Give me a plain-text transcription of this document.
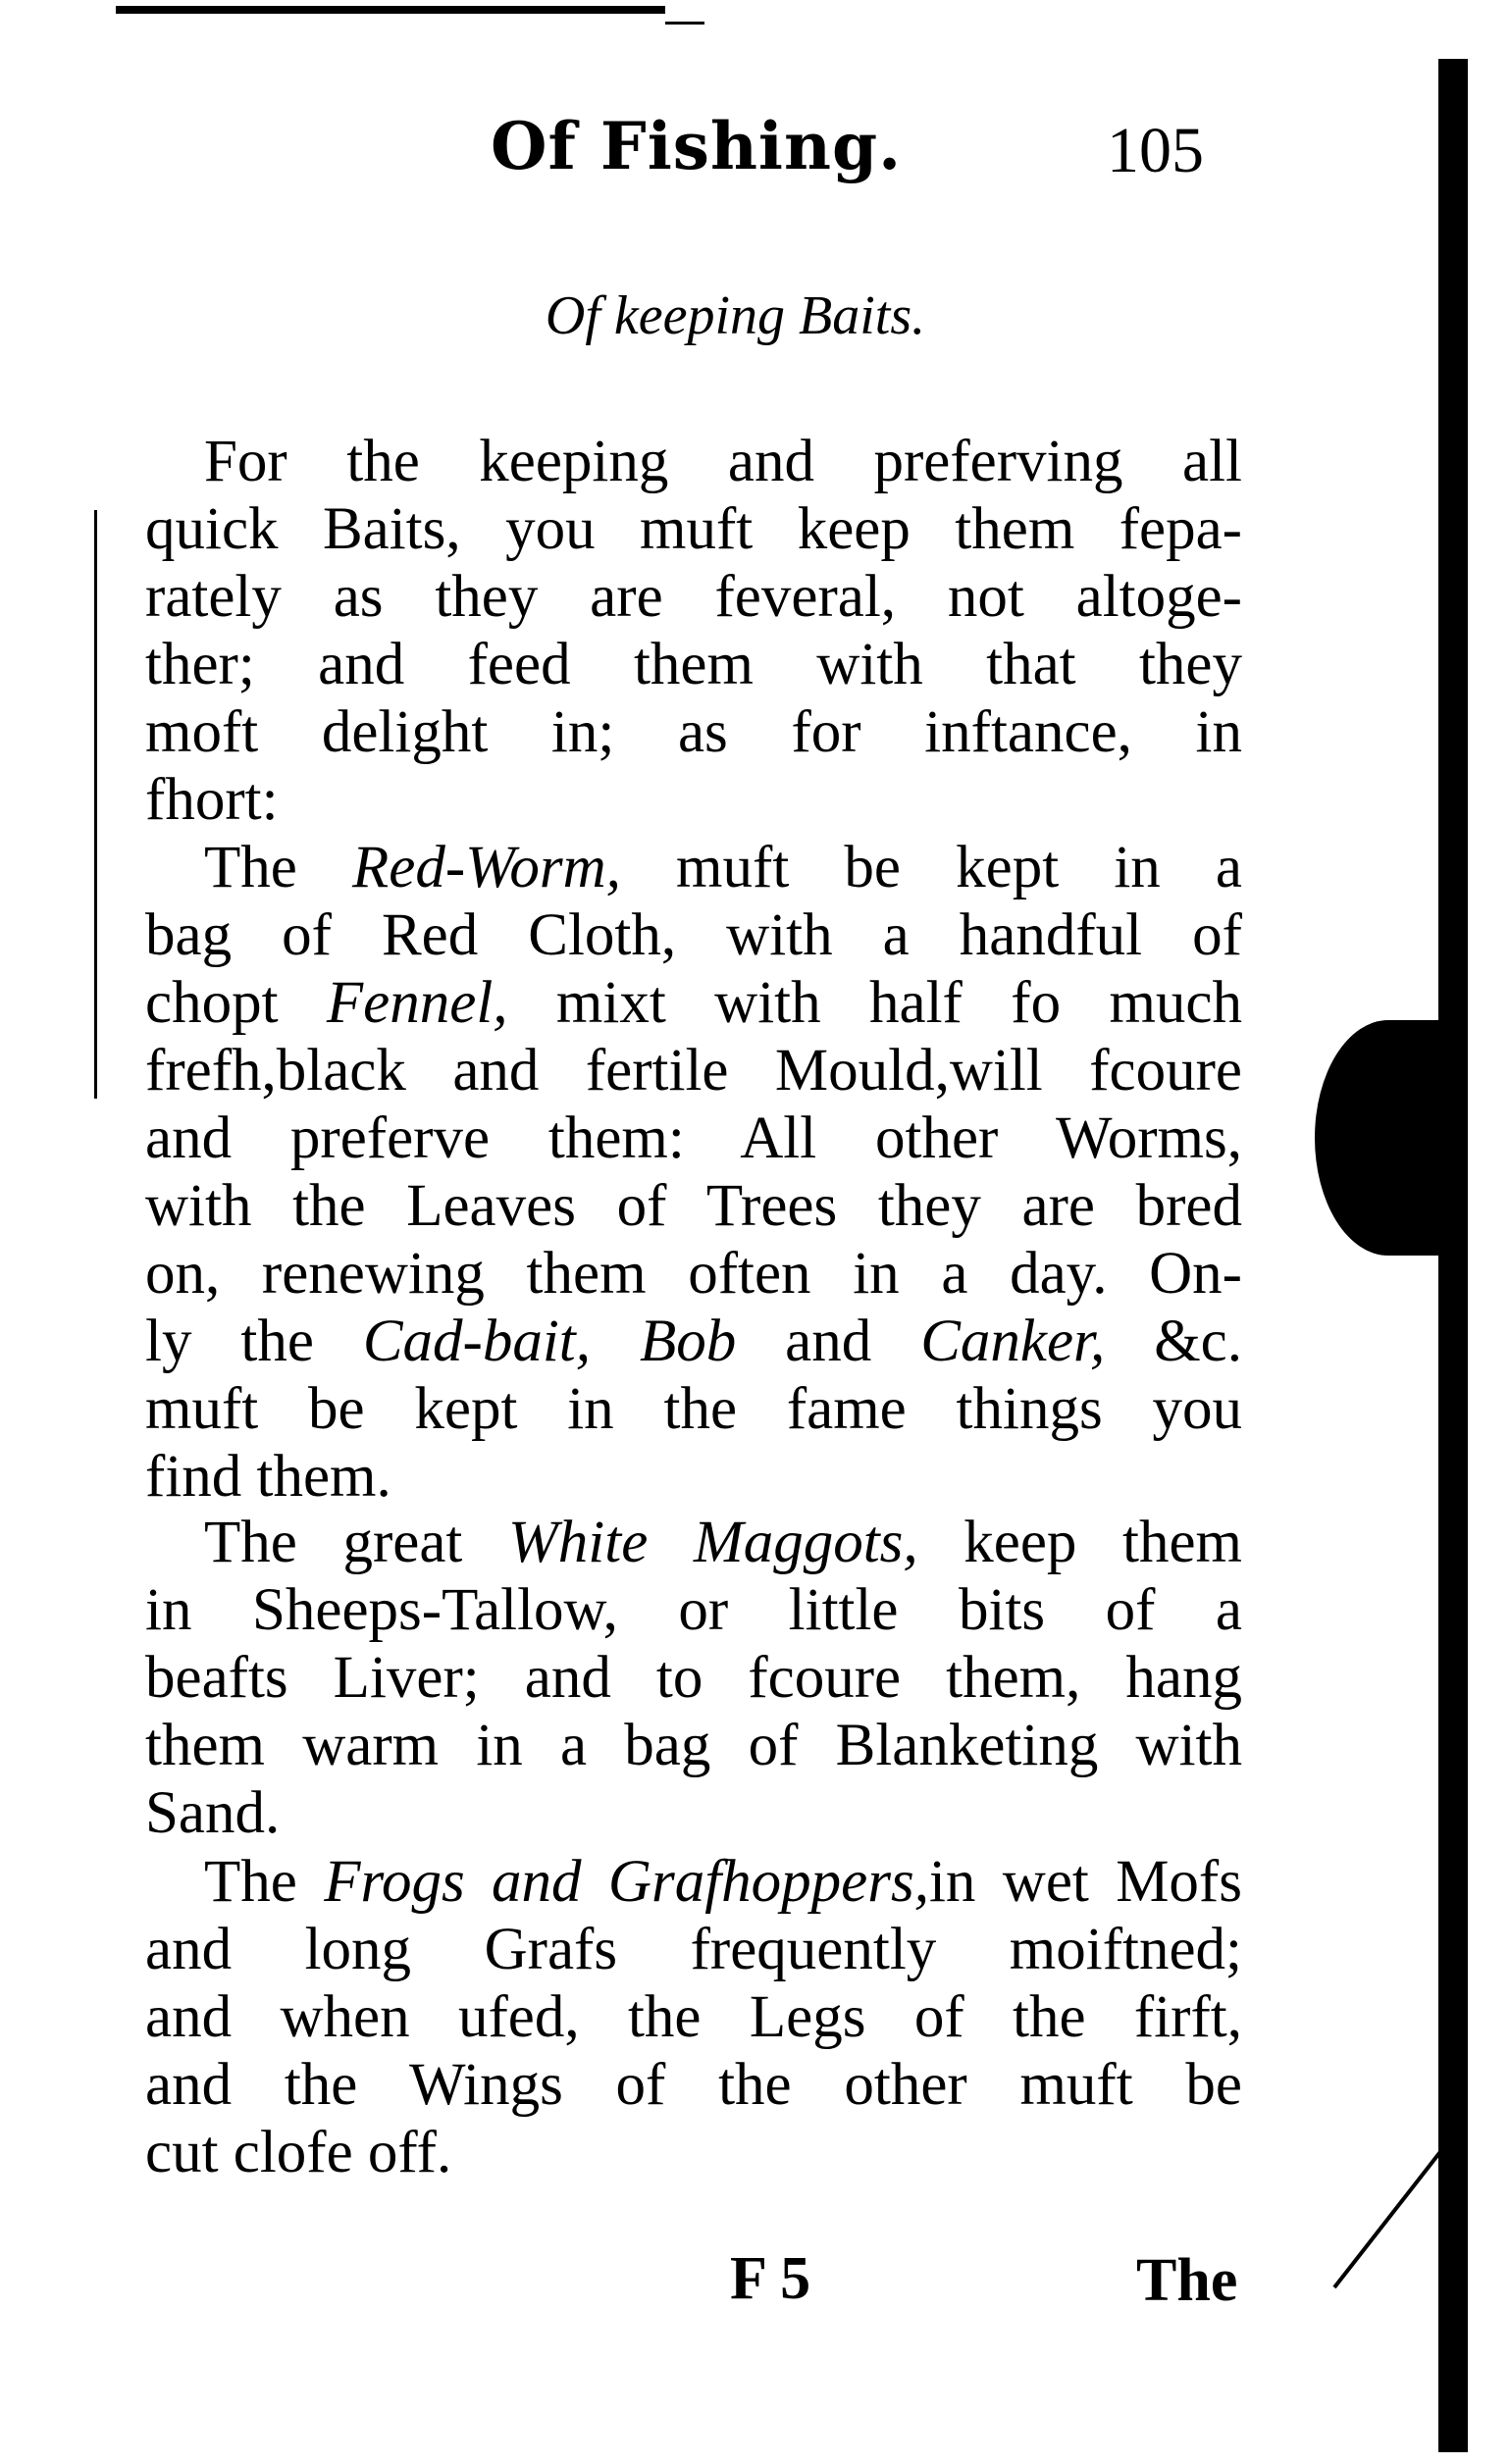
Of Fishing.	105
Of keeping Baits.
For the keeping and preferving all
quick Baits, you muft keep them fepa-
rately as they are feveral, not altoge-
ther; and feed them with that they
moft delight in; as for inftance, in
fhort:
The Red-Worm, muft be kept in a
bag of Red Cloth, with a handful of
chopt Fennel, mixt with half fo much
frefh,black and fertile Mould,will fcoure
and preferve them: All other Worms,
with the Leaves of Trees they are bred
on, renewing them often in a day. On-
ly the Cad-bait, Bob and Canker, &c.
muft be kept in the fame things you
find them.
The great White Maggots, keep them
in Sheeps-Tallow, or little bits of a
beafts Liver; and to fcoure them, hang
them warm in a bag of Blanketing with
Sand.
The Frogs and Grafhoppers,in wet Mofs
and long Grafs frequently moiftned;
and when ufed, the Legs of the firft,
and the Wings of the other muft be
cut clofe off.
F 5	The
